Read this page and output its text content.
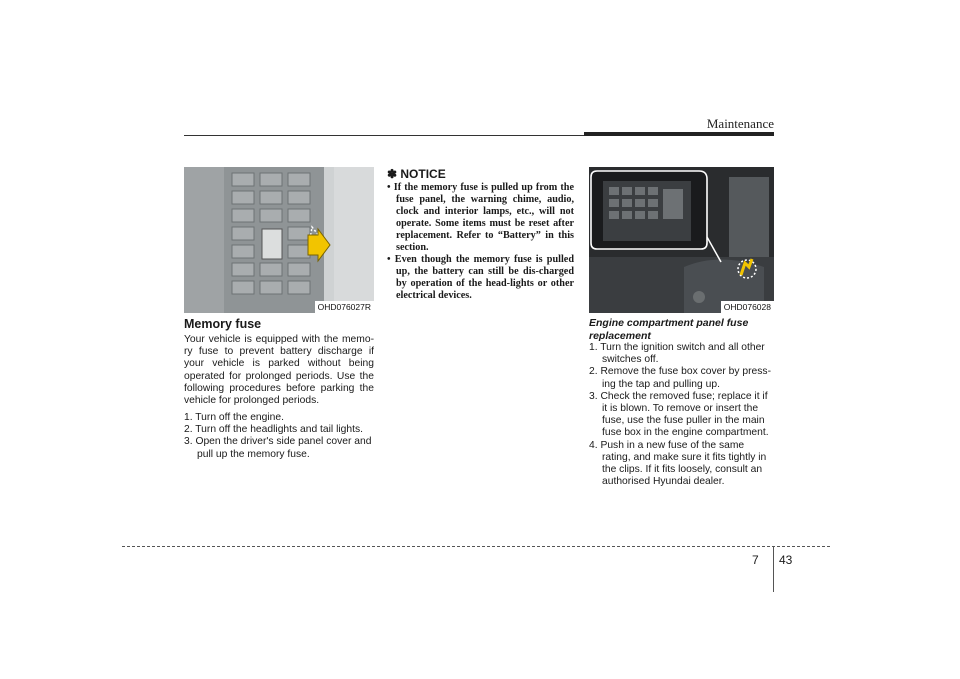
Maintenance
OHD076027R
Memory fuse
Your vehicle is equipped with the memo-ry fuse to prevent battery discharge if your vehicle is parked without being operated for prolonged periods. Use the following procedures before parking the vehicle for prolonged periods.
1. Turn off the engine.
2. Turn off the headlights and tail lights.
3. Open the driver's side panel cover and pull up the memory fuse.
✽ NOTICE
• If the memory fuse is pulled up from the fuse panel, the warning chime, audio, clock and interior lamps, etc., will not operate. Some items must be reset after replacement. Refer to “Battery” in this section.
• Even though the memory fuse is pulled up, the battery can still be dis-charged by operation of the head-lights or other electrical devices.
OHD076028
Engine compartment panel fuse replacement
1. Turn the ignition switch and all other switches off.
2. Remove the fuse box cover by press-ing the tap and pulling up.
3. Check the removed fuse; replace it if it is blown. To remove or insert the fuse, use the fuse puller in the main fuse box in the engine compartment.
4. Push in a new fuse of the same rating, and make sure it fits tightly in the clips. If it fits loosely, consult an authorised Hyundai dealer.
7 43
